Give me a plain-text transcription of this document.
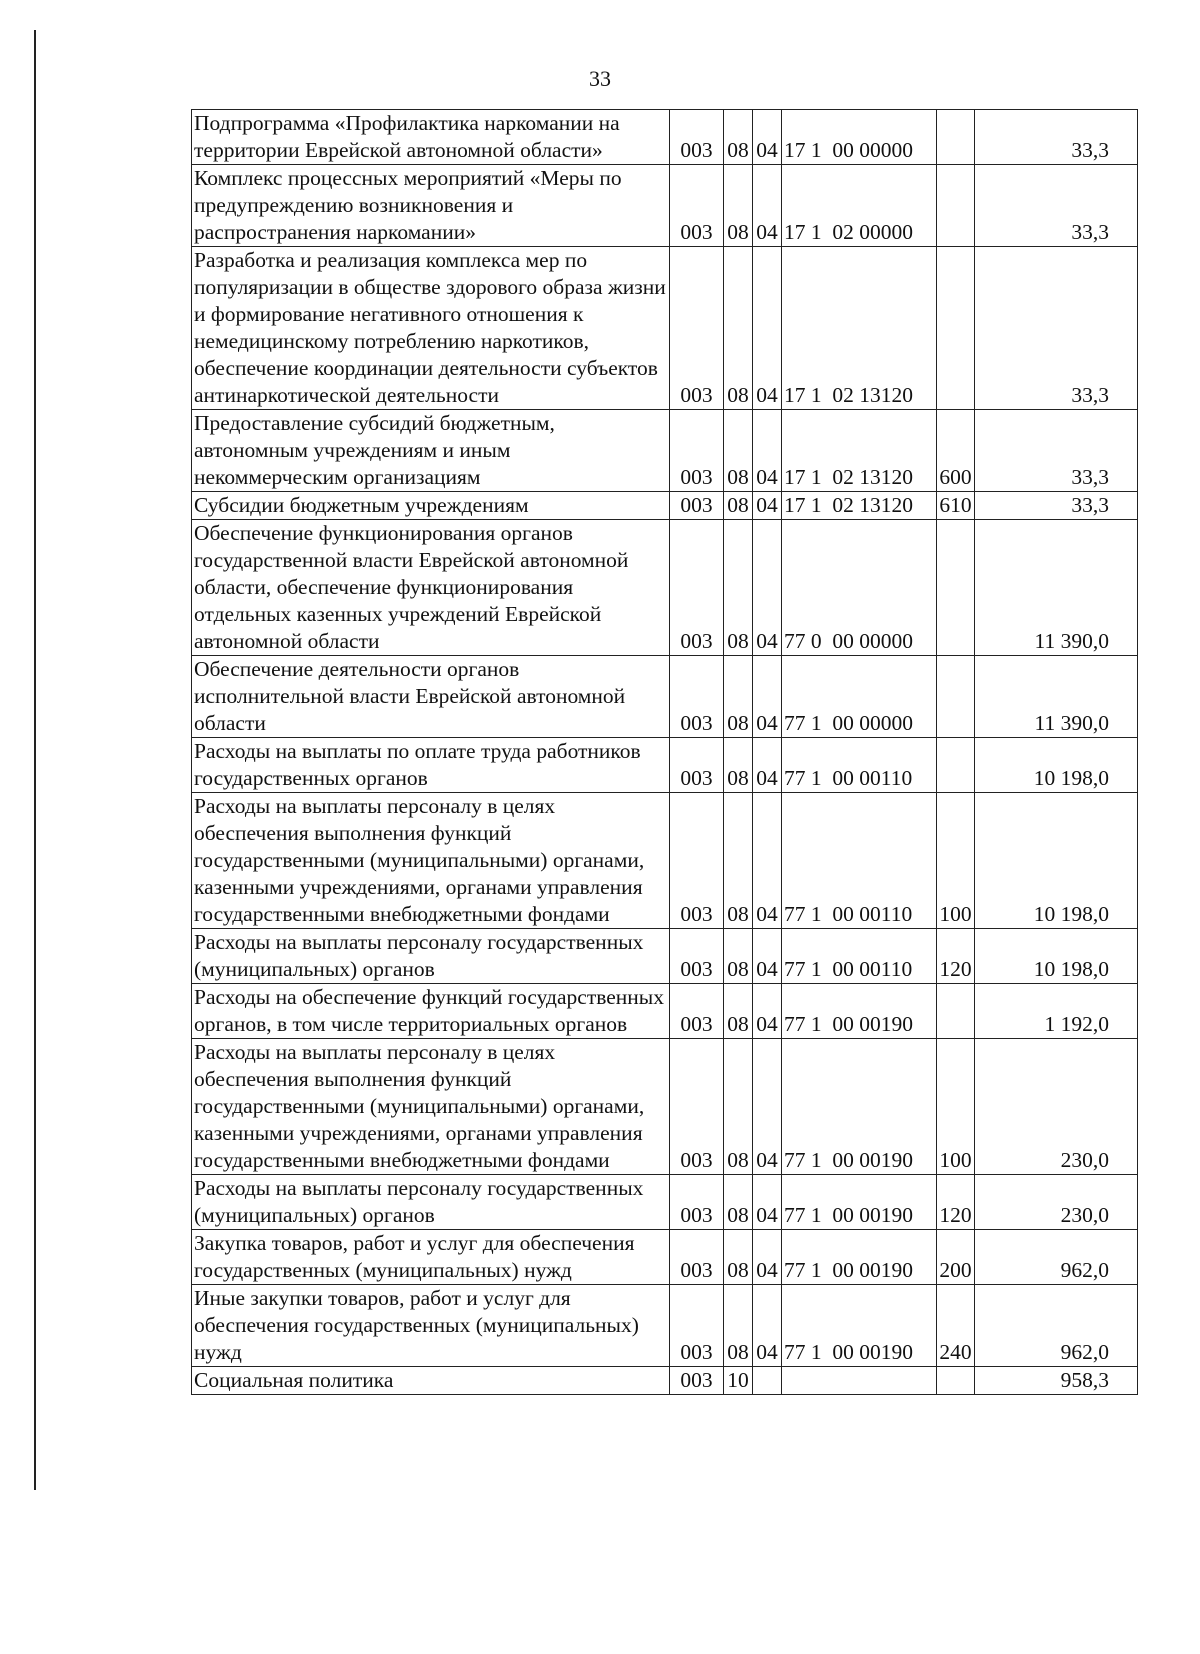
33
Подпрограмма «Профилактика наркомании на территории Еврейской автономной области»	003	08	04	17 1  00 00000		33,3
Комплекс процессных мероприятий «Меры по предупреждению возникновения и распространения наркомании»	003	08	04	17 1  02 00000		33,3
Разработка и реализация комплекса мер по популяризации в обществе здорового образа жизни и формирование негативного отношения к немедицинскому потреблению наркотиков, обеспечение координации деятельности субъектов антинаркотической деятельности	003	08	04	17 1  02 13120		33,3
Предоставление субсидий бюджетным, автономным учреждениям и иным некоммерческим организациям	003	08	04	17 1  02 13120	600	33,3
Субсидии бюджетным учреждениям	003	08	04	17 1  02 13120	610	33,3
Обеспечение функционирования органов государственной власти Еврейской автономной области, обеспечение функционирования отдельных казенных учреждений Еврейской автономной области	003	08	04	77 0  00 00000		11 390,0
Обеспечение деятельности органов исполнительной власти Еврейской автономной области	003	08	04	77 1  00 00000		11 390,0
Расходы на выплаты по оплате труда работников государственных органов	003	08	04	77 1  00 00110		10 198,0
Расходы на выплаты персоналу в целях обеспечения выполнения функций государственными (муниципальными) органами, казенными учреждениями, органами управления государственными внебюджетными фондами	003	08	04	77 1  00 00110	100	10 198,0
Расходы на выплаты персоналу государственных (муниципальных) органов	003	08	04	77 1  00 00110	120	10 198,0
Расходы на обеспечение функций государственных органов, в том числе территориальных органов	003	08	04	77 1  00 00190		1 192,0
Расходы на выплаты персоналу в целях обеспечения выполнения функций государственными (муниципальными) органами, казенными учреждениями, органами управления государственными внебюджетными фондами	003	08	04	77 1  00 00190	100	230,0
Расходы на выплаты персоналу государственных (муниципальных) органов	003	08	04	77 1  00 00190	120	230,0
Закупка товаров, работ и услуг для обеспечения государственных (муниципальных) нужд	003	08	04	77 1  00 00190	200	962,0
Иные закупки товаров, работ и услуг для обеспечения государственных (муниципальных) нужд	003	08	04	77 1  00 00190	240	962,0
Социальная политика	003	10				958,3
